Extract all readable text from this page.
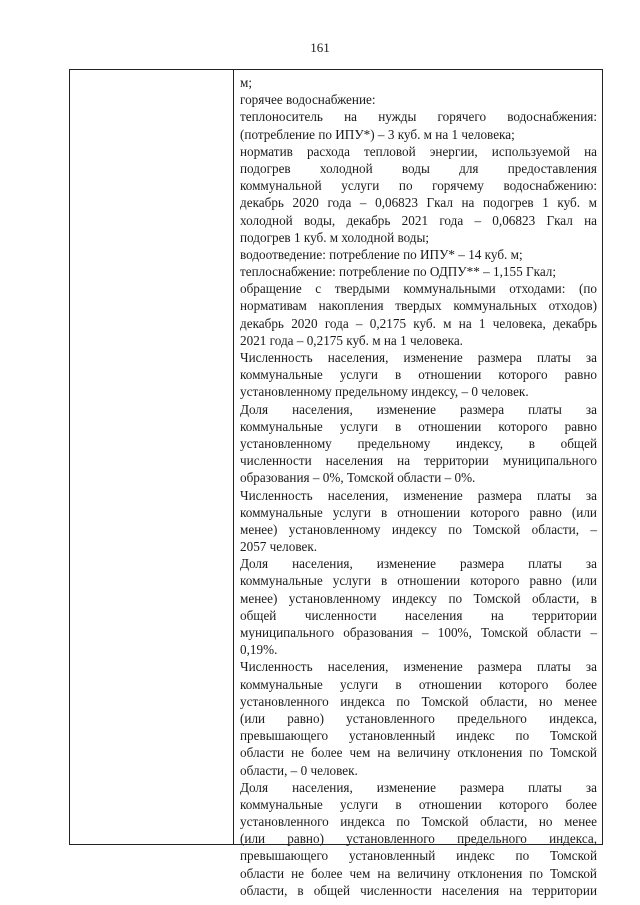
161
м;
горячее водоснабжение:
теплоноситель на нужды горячего водоснабжения:
(потребление по ИПУ*) – 3 куб. м на 1 человека;
норматив расхода тепловой энергии, используемой на
подогрев холодной воды для предоставления
коммунальной услуги по горячему водоснабжению:
декабрь 2020 года – 0,06823 Гкал на подогрев 1 куб. м
холодной воды, декабрь 2021 года – 0,06823 Гкал на
подогрев 1 куб. м холодной воды;
водоотведение: потребление по ИПУ* – 14 куб. м;
теплоснабжение: потребление по ОДПУ** – 1,155 Гкал;
обращение с твердыми коммунальными отходами: (по
нормативам накопления твердых коммунальных отходов)
декабрь 2020 года – 0,2175 куб. м на 1 человека, декабрь
2021 года – 0,2175 куб. м на 1 человека.
Численность населения, изменение размера платы за
коммунальные услуги в отношении которого равно
установленному предельному индексу, – 0 человек.
Доля населения, изменение размера платы за
коммунальные услуги в отношении которого равно
установленному предельному индексу, в общей
численности населения на территории муниципального
образования – 0%, Томской области – 0%.
Численность населения, изменение размера платы за
коммунальные услуги в отношении которого равно (или
менее) установленному индексу по Томской области, –
2057 человек.
Доля населения, изменение размера платы за
коммунальные услуги в отношении которого равно (или
менее) установленному индексу по Томской области, в
общей численности населения на территории
муниципального образования – 100%, Томской области –
0,19%.
Численность населения, изменение размера платы за
коммунальные услуги в отношении которого более
установленного индекса по Томской области, но менее
(или равно) установленного предельного индекса,
превышающего установленный индекс по Томской
области не более чем на величину отклонения по Томской
области, – 0 человек.
Доля населения, изменение размера платы за
коммунальные услуги в отношении которого более
установленного индекса по Томской области, но менее
(или равно) установленного предельного индекса,
превышающего установленный индекс по Томской
области не более чем на величину отклонения по Томской
области, в общей численности населения на территории
